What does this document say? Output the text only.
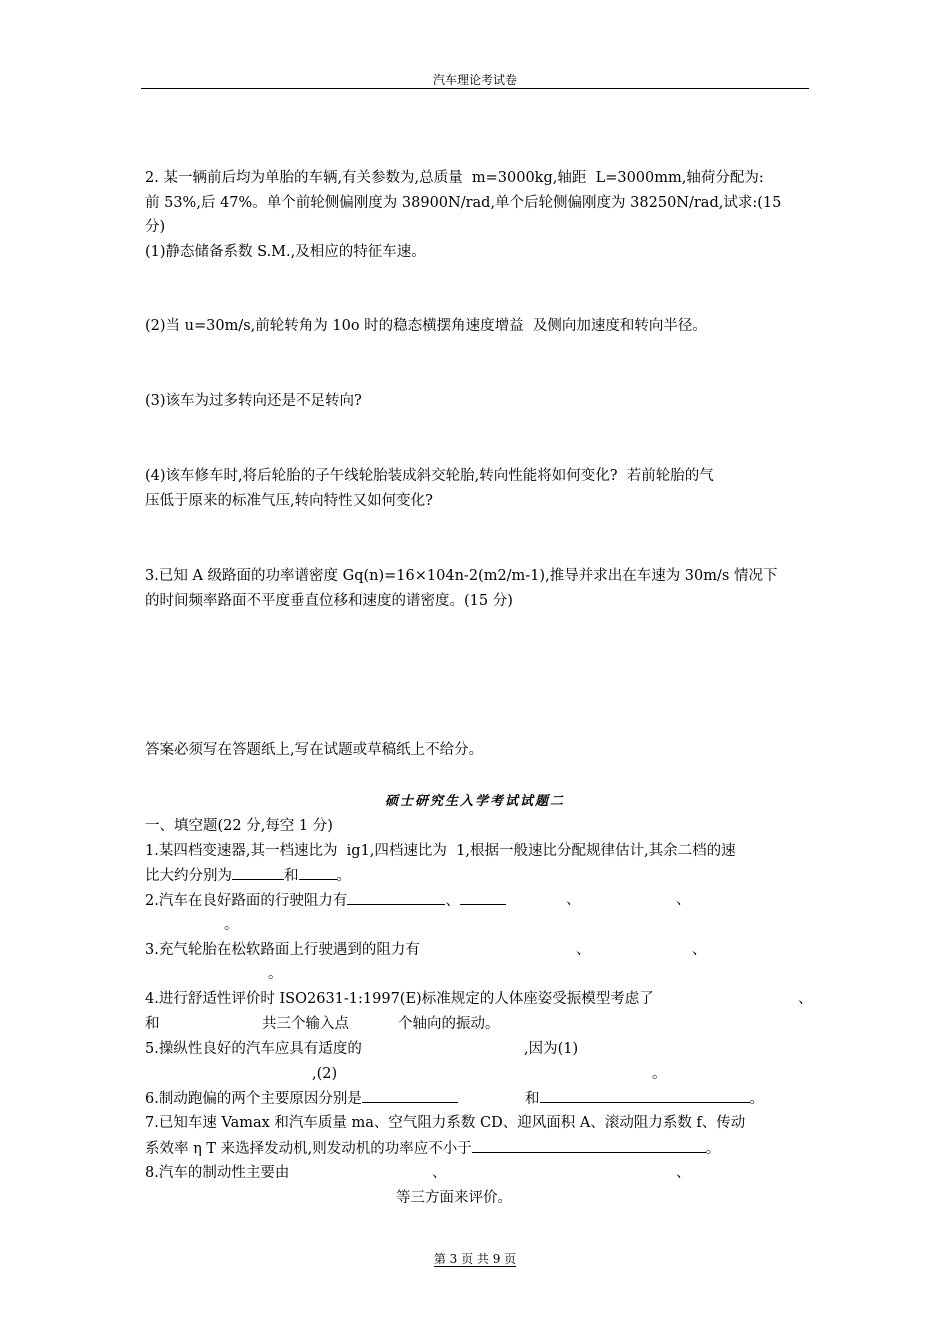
汽车理论考试卷
2. 某一辆前后均为单胎的车辆,有关参数为,总质量  m=3000kg,轴距  L=3000mm,轴荷分配为:
前 53%,后 47%。单个前轮侧偏刚度为 38900N/rad,单个后轮侧偏刚度为 38250N/rad,试求:(15
分)
(1)静态储备系数 S.M.,及相应的特征车速。
(2)当 u=30m/s,前轮转角为 10o 时的稳态横摆角速度增益  及侧向加速度和转向半径。
(3)该车为过多转向还是不足转向?
(4)该车修车时,将后轮胎的子午线轮胎装成斜交轮胎,转向性能将如何变化?  若前轮胎的气
压低于原来的标准气压,转向特性又如何变化?
3.已知 A 级路面的功率谱密度 Gq(n)=16×104n-2(m2/m-1),推导并求出在车速为 30m/s 情况下
的时间频率路面不平度垂直位移和速度的谱密度。(15 分)
答案必须写在答题纸上,写在试题或草稿纸上不给分。
硕士研究生入学考试试题二
一、填空题(22 分,每空 1 分)
1.某四档变速器,其一档速比为  ig1,四档速比为  1,根据一般速比分配规律估计,其余二档的速
比大约分别为	和	。
2.汽车在良好路面的行驶阻力有	、	、	、
。
3.充气轮胎在松软路面上行驶遇到的阻力有	、	、
。
4.进行舒适性评价时 ISO2631-1:1997(E)标准规定的人体座姿受振模型考虑了	、
和	共三个输入点	个轴向的振动。
5.操纵性良好的汽车应具有适度的	,因为(1)
,(2)	。
6.制动跑偏的两个主要原因分别是	和	。
7.已知车速 Vamax 和汽车质量 ma、空气阻力系数 CD、迎风面积 A、滚动阻力系数 f、传动
系效率 η T 来选择发动机,则发动机的功率应不小于	。
8.汽车的制动性主要由	、	、
等三方面来评价。
第 3 页 共 9 页
